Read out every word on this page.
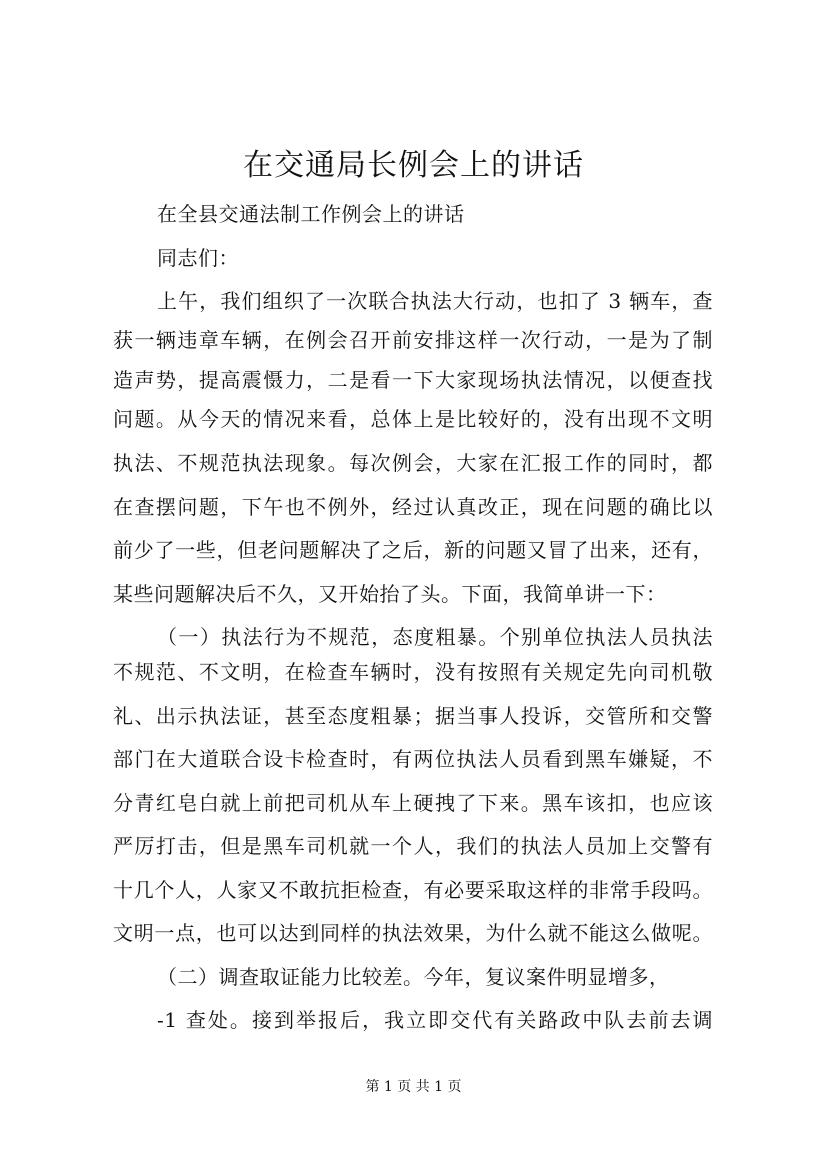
在交通局长例会上的讲话
在全县交通法制工作例会上的讲话
同志们：
上午，我们组织了一次联合执法大行动，也扣了 3 辆车，查
获一辆违章车辆，在例会召开前安排这样一次行动，一是为了制
造声势，提高震慑力，二是看一下大家现场执法情况，以便查找
问题。从今天的情况来看，总体上是比较好的，没有出现不文明
执法、不规范执法现象。每次例会，大家在汇报工作的同时，都
在查摆问题，下午也不例外，经过认真改正，现在问题的确比以
前少了一些，但老问题解决了之后，新的问题又冒了出来，还有，
某些问题解决后不久，又开始抬了头。下面，我简单讲一下：
（一）执法行为不规范，态度粗暴。个别单位执法人员执法
不规范、不文明，在检查车辆时，没有按照有关规定先向司机敬
礼、出示执法证，甚至态度粗暴；据当事人投诉，交管所和交警
部门在大道联合设卡检查时，有两位执法人员看到黑车嫌疑，不
分青红皂白就上前把司机从车上硬拽了下来。黑车该扣，也应该
严厉打击，但是黑车司机就一个人，我们的执法人员加上交警有
十几个人，人家又不敢抗拒检查，有必要采取这样的非常手段吗。
文明一点，也可以达到同样的执法效果，为什么就不能这么做呢。
（二）调查取证能力比较差。今年，复议案件明显增多，
-1 查处。接到举报后，我立即交代有关路政中队去前去调
第 1 页 共 1 页
